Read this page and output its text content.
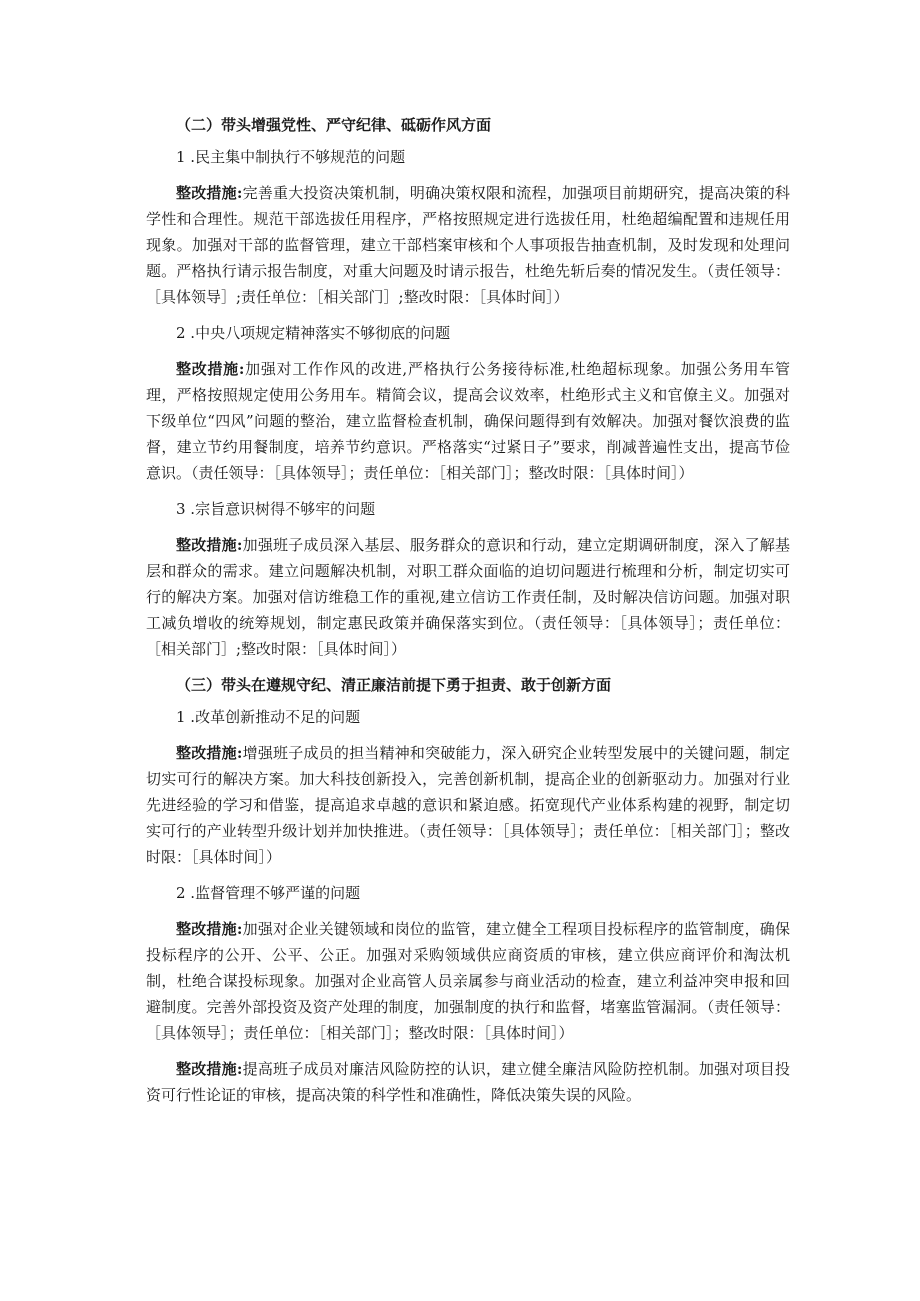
（二）带头增强党性、严守纪律、砥砺作风方面
1 .民主集中制执行不够规范的问题

整改措施:完善重大投资决策机制，明确决策权限和流程，加强项目前期研究，提高决策的科学性和合理性。规范干部选拔任用程序，严格按照规定进行选拔任用，杜绝超编配置和违规任用现象。加强对干部的监督管理，建立干部档案审核和个人事项报告抽查机制，及时发现和处理问题。严格执行请示报告制度，对重大问题及时请示报告，杜绝先斩后奏的情况发生。（责任领导：［具体领导］;责任单位：［相关部门］;整改时限：［具体时间］）

2 .中央八项规定精神落实不够彻底的问题

整改措施:加强对工作作风的改进,严格执行公务接待标准,杜绝超标现象。加强公务用车管理，严格按照规定使用公务用车。精简会议，提高会议效率，杜绝形式主义和官僚主义。加强对下级单位“四风”问题的整治，建立监督检查机制，确保问题得到有效解决。加强对餐饮浪费的监督，建立节约用餐制度，培养节约意识。严格落实“过紧日子”要求，削减普遍性支出，提高节俭意识。（责任领导：［具体领导］；责任单位：［相关部门］；整改时限：［具体时间］）

3 .宗旨意识树得不够牢的问题

整改措施:加强班子成员深入基层、服务群众的意识和行动，建立定期调研制度，深入了解基层和群众的需求。建立问题解决机制，对职工群众面临的迫切问题进行梳理和分析，制定切实可行的解决方案。加强对信访维稳工作的重视,建立信访工作责任制，及时解决信访问题。加强对职工减负增收的统筹规划，制定惠民政策并确保落实到位。（责任领导：［具体领导］；责任单位：［相关部门］;整改时限：［具体时间］）

（三）带头在遵规守纪、清正廉洁前提下勇于担责、敢于创新方面
1 .改革创新推动不足的问题

整改措施:增强班子成员的担当精神和突破能力，深入研究企业转型发展中的关键问题，制定切实可行的解决方案。加大科技创新投入，完善创新机制，提高企业的创新驱动力。加强对行业先进经验的学习和借鉴，提高追求卓越的意识和紧迫感。拓宽现代产业体系构建的视野，制定切实可行的产业转型升级计划并加快推进。（责任领导：［具体领导］；责任单位：［相关部门］；整改时限：［具体时间］）

2 .监督管理不够严谨的问题

整改措施:加强对企业关键领域和岗位的监管，建立健全工程项目投标程序的监管制度，确保投标程序的公开、公平、公正。加强对采购领域供应商资质的审核，建立供应商评价和淘汰机制，杜绝合谋投标现象。加强对企业高管人员亲属参与商业活动的检查，建立利益冲突申报和回避制度。完善外部投资及资产处理的制度，加强制度的执行和监督，堵塞监管漏洞。（责任领导：［具体领导］；责任单位：［相关部门］；整改时限：［具体时间］）

整改措施:提高班子成员对廉洁风险防控的认识，建立健全廉洁风险防控机制。加强对项目投资可行性论证的审核，提高决策的科学性和准确性，降低决策失误的风险。
